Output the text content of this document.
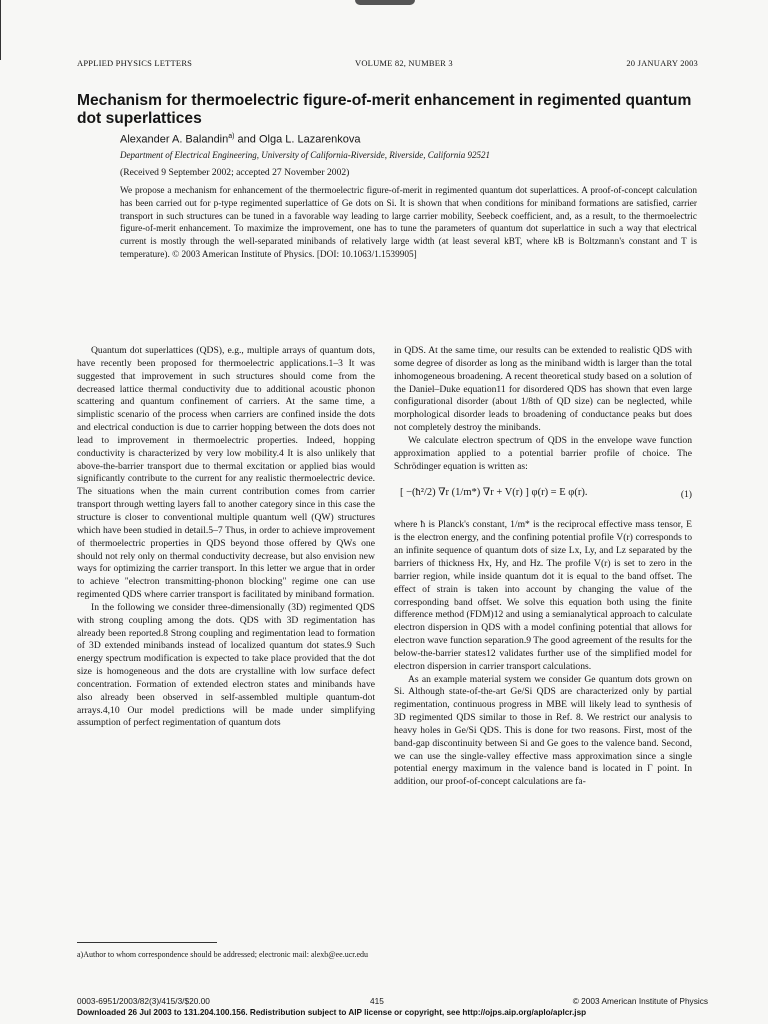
APPLIED PHYSICS LETTERS	VOLUME 82, NUMBER 3	20 JANUARY 2003
Mechanism for thermoelectric figure-of-merit enhancement in regimented quantum dot superlattices
Alexander A. Balandin$^{a)}$ and Olga L. Lazarenkova
Department of Electrical Engineering, University of California-Riverside, Riverside, California 92521
(Received 9 September 2002; accepted 27 November 2002)

We propose a mechanism for enhancement of the thermoelectric figure-of-merit in regimented quantum dot superlattices. A proof-of-concept calculation has been carried out for p-type regimented superlattice of Ge dots on Si. It is shown that when conditions for miniband formations are satisfied, carrier transport in such structures can be tuned in a favorable way leading to large carrier mobility, Seebeck coefficient, and, as a result, to the thermoelectric figure-of-merit enhancement. To maximize the improvement, one has to tune the parameters of quantum dot superlattice in such a way that electrical current is mostly through the well-separated minibands of relatively large width (at least several kBT, where kB is Boltzmann's constant and T is temperature). © 2003 American Institute of Physics. [DOI: 10.1063/1.1539905]

Quantum dot superlattices (QDS), e.g., multiple arrays of quantum dots, have recently been proposed for thermoelectric applications.1–3 It was suggested that improvement in such structures should come from the decreased lattice thermal conductivity due to additional acoustic phonon scattering and quantum confinement of carriers. At the same time, a simplistic scenario of the process when carriers are confined inside the dots and electrical conduction is due to carrier hopping between the dots does not lead to improvement in thermoelectric properties. Indeed, hopping conductivity is characterized by very low mobility.4 It is also unlikely that above-the-barrier transport due to thermal excitation or applied bias would significantly contribute to the current for any realistic thermoelectric device. The situations when the main current contribution comes from carrier transport through wetting layers fall to another category since in this case the structure is closer to conventional multiple quantum well (QW) structures which have been studied in detail.5–7 Thus, in order to achieve improvement of thermoelectric properties in QDS beyond those offered by QWs one should not rely only on thermal conductivity decrease, but also envision new ways for optimizing the carrier transport. In this letter we argue that in order to achieve "electron transmitting-phonon blocking" regime one can use regimented QDS where carrier transport is facilitated by miniband formation.

In the following we consider three-dimensionally (3D) regimented QDS with strong coupling among the dots. QDS with 3D regimentation has already been reported.8 Strong coupling and regimentation lead to formation of 3D extended minibands instead of localized quantum dot states.9 Such energy spectrum modification is expected to take place provided that the dot size is homogeneous and the dots are crystalline with low surface defect concentration. Formation of extended electron states and minibands have also already been observed in self-assembled multiple quantum-dot arrays.4,10 Our model predictions will be made under simplifying assumption of perfect regimentation of quantum dots

in QDS. At the same time, our results can be extended to realistic QDS with some degree of disorder as long as the miniband width is larger than the total inhomogeneous broadening. A recent theoretical study based on a solution of the Daniel–Duke equation11 for disordered QDS has shown that even large configurational disorder (about 1/8th of QD size) can be neglected, while morphological disorder leads to broadening of conductance peaks but does not completely destroy the minibands.

We calculate electron spectrum of QDS in the envelope wave function approximation applied to a potential barrier profile of choice. The Schrödinger equation is written as:

[ −(ħ²/2) ∇r (1/m*) ∇r + V(r) ] φ(r) = E φ(r).	(1)

where ħ is Planck's constant, 1/m* is the reciprocal effective mass tensor, E is the electron energy, and the confining potential profile V(r) corresponds to an infinite sequence of quantum dots of size Lx, Ly, and Lz separated by the barriers of thickness Hx, Hy, and Hz. The profile V(r) is set to zero in the barrier region, while inside quantum dot it is equal to the band offset. The effect of strain is taken into account by changing the value of the corresponding band offset. We solve this equation both using the finite difference method (FDM)12 and using a semianalytical approach to calculate electron dispersion in QDS with a model confining potential that allows for electron wave function separation.9 The good agreement of the results for the below-the-barrier states12 validates further use of the simplified model for electron dispersion in carrier transport calculations.

As an example material system we consider Ge quantum dots grown on Si. Although state-of-the-art Ge/Si QDS are characterized only by partial regimentation, continuous progress in MBE will likely lead to synthesis of 3D regimented QDS similar to those in Ref. 8. We restrict our analysis to heavy holes in Ge/Si QDS. This is done for two reasons. First, most of the band-gap discontinuity between Si and Ge goes to the valence band. Second, we can use the single-valley effective mass approximation since a single potential energy maximum in the valence band is located in Γ point. In addition, our proof-of-concept calculations are fa-

a)Author to whom correspondence should be addressed; electronic mail: alexb@ee.ucr.edu

0003-6951/2003/82(3)/415/3/$20.00	415	© 2003 American Institute of Physics
Downloaded 26 Jul 2003 to 131.204.100.156. Redistribution subject to AIP license or copyright, see http://ojps.aip.org/aplo/aplcr.jsp
